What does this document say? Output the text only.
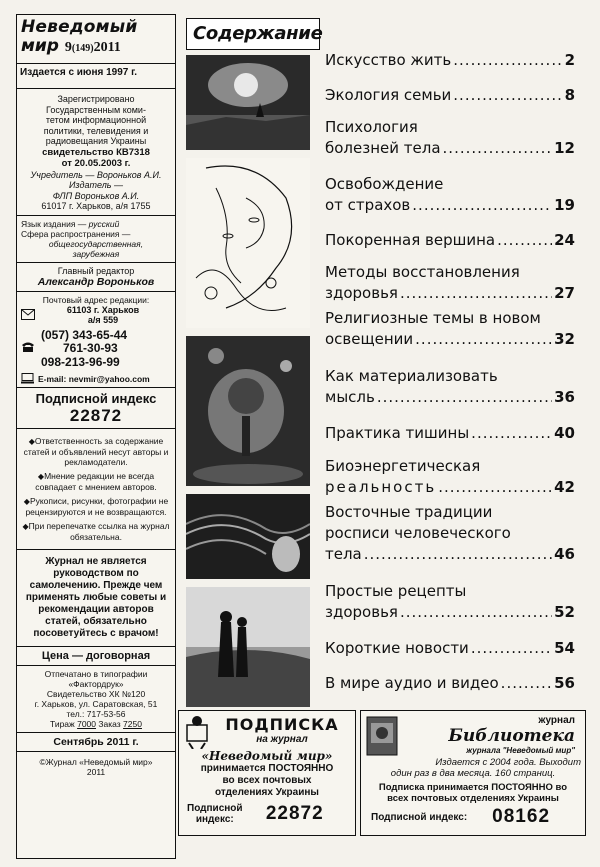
Неведомый
мир 9(149)2011
Издается с июня 1997 г.
Зарегистрировано
Государственным коми-
тетом информационной
политики, телевидения и
радиовещания Украины
свидетельство КВ7318
от 20.05.2003 г.
Учредитель — Вороньков А.И.
Издатель —
ФЛП Вороньков А.И.
61017 г. Харьков, а/я 1755
Язык издания — русский
Сфера распространения —
общегосударственная,
зарубежная
Главный редактор
Александр Вороньков
Почтовый адрес редакции:
61103 г. Харьков
а/я 559
(057) 343-65-44
761-30-93
098-213-96-99
E-mail: nevmir@yahoo.com
Подписной индекс
22872
◆Ответственность за содержание статей и объявлений несут авторы и рекламодатели.
◆Мнение редакции не всегда совпадает с мнением авторов.
◆Рукописи, рисунки, фотографии не рецензируются и не возвращаются.
◆При перепечатке ссылка на журнал обязательна.
Журнал не является руководством по самолечению. Прежде чем применять любые советы и рекомендации авторов статей, обязательно посоветуйтесь с врачом!
Цена — договорная
Отпечатано в типографии
«Фактордрук»
Свидетельство ХК №120
г. Харьков, ул. Саратовская, 51
тел.: 717-53-56
Тираж 7000 Заказ 7250
Сентябрь 2011 г.
©Журнал «Неведомый мир» 2011
Содержание
Искусство жить .....	2
Экология семьи .....	8
Психология
болезней тела .....	12
Освобождение
от страхов .....	19
Покоренная вершина .....	24
Методы восстановления
здоровья .....	27
Религиозные темы в новом
освещении .....	32
Как материализовать
мысль .....	36
Практика тишины .....	40
Биоэнергетическая
реальность .....	42
Восточные традиции
росписи человеческого
тела .....	46
Простые рецепты
здоровья .....	52
Короткие новости .....	54
В мире аудио и видео .....	56
ПОДПИСКА
на журнал
«Неведомый мир»
принимается ПОСТОЯННО
во всех почтовых
отделениях Украины
Подписной
индекс:	22872
журнал
Библиотека
журнала "Неведомый мир"
Издается с 2004 года. Выходит
один раз в два месяца. 160 страниц.
Подписка принимается ПОСТОЯННО во
всех почтовых отделениях Украины
Подписной индекс:	08162
